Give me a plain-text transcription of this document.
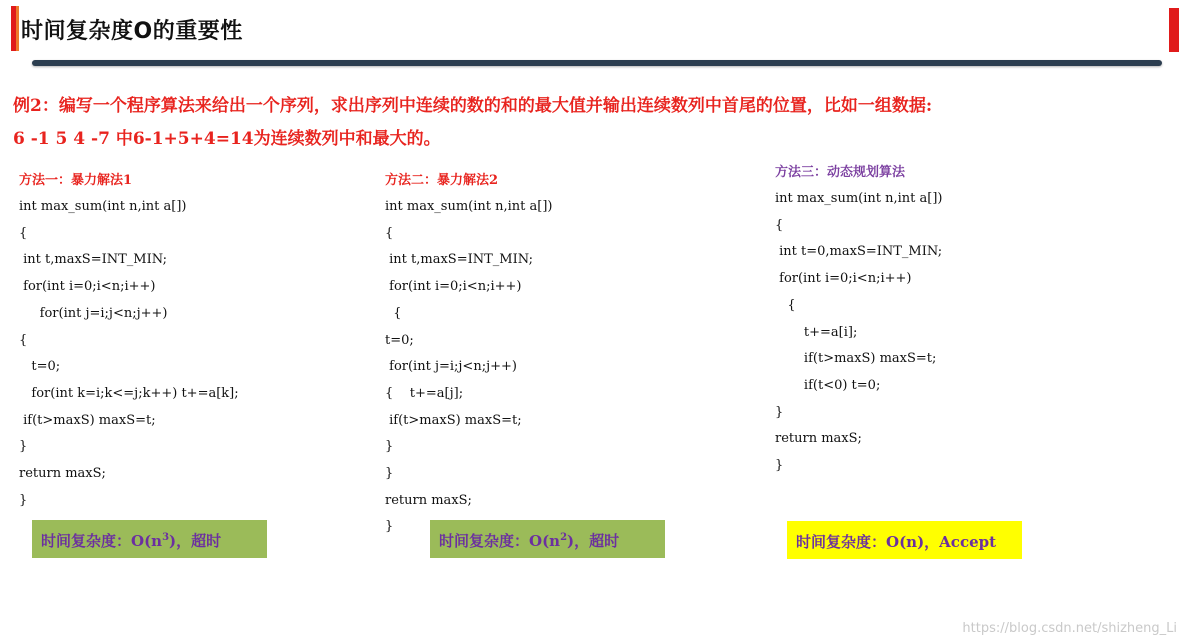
时间复杂度O的重要性
例2：编写一个程序算法来给出一个序列，求出序列中连续的数的和的最大值并输出连续数列中首尾的位置，比如一组数据:
6 -1 5 4 -7 中6-1+5+4=14为连续数列中和最大的。
方法一：暴力解法1
int max_sum(int n,int a[])
{
int t,maxS=INT_MIN;
for(int i=0;i<n;i++)
for(int j=i;j<n;j++)
{
t=0;
for(int k=i;k<=j;k++) t+=a[k];
if(t>maxS) maxS=t;
}
return maxS;
}
方法二：暴力解法2
int max_sum(int n,int a[])
{
int t,maxS=INT_MIN;
for(int i=0;i<n;i++)
{
t=0;
for(int j=i;j<n;j++)
{    t+=a[j];
if(t>maxS) maxS=t;
}
}
return maxS;
}
方法三：动态规划算法
int max_sum(int n,int a[])
{
int t=0,maxS=INT_MIN;
for(int i=0;i<n;i++)
{
t+=a[i];
if(t>maxS) maxS=t;
if(t<0) t=0;
}
return maxS;
}
时间复杂度：$O(n^3)$，超时	时间复杂度：$O(n^2)$，超时	时间复杂度：O(n)，Accept
https://blog.csdn.net/shizheng_Li
